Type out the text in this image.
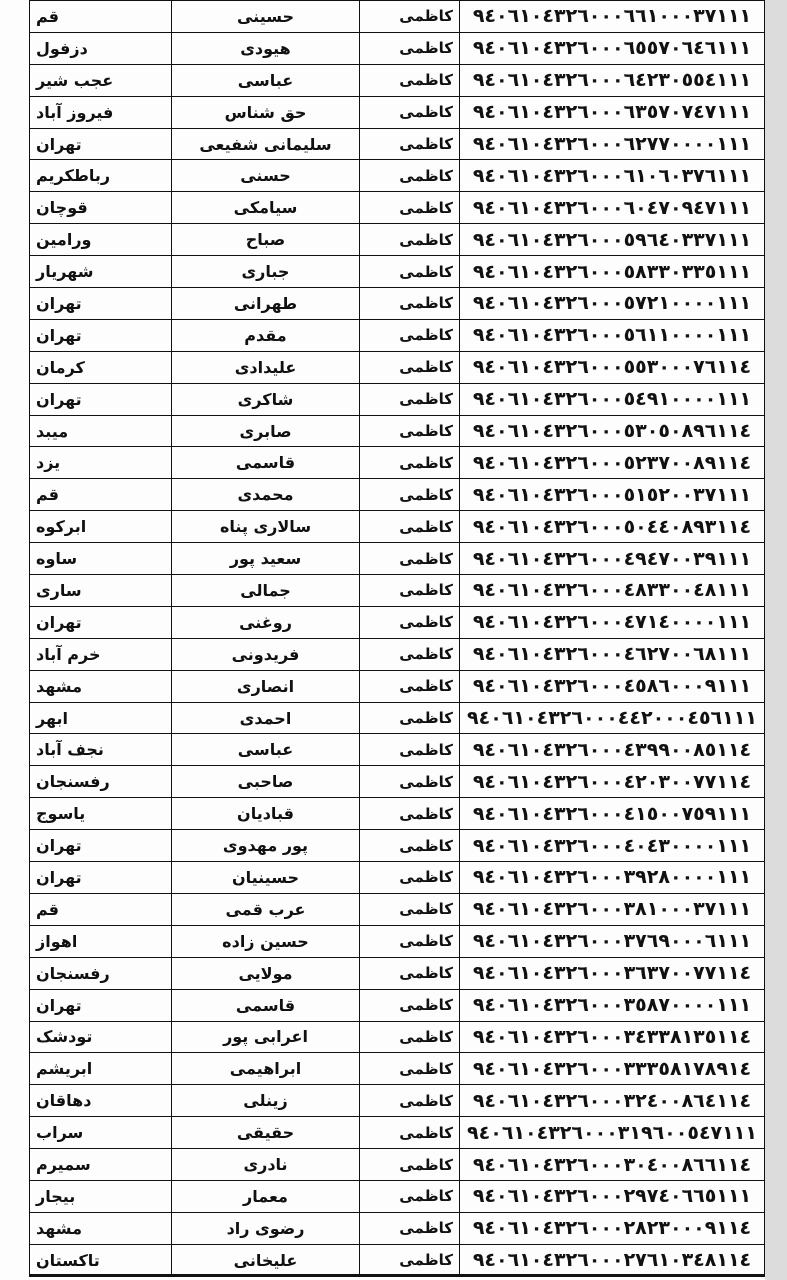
۹٤۰٦۱۰٤۳۲٦۰۰۰٦٦۱۰۰۰۳۷۱۱۱	کاظمی	حسینی	قم
۹٤۰٦۱۰٤۳۲٦۰۰۰٦٥٥۷۰٦٤٦۱۱۱	کاظمی	هیودی	دزفول
۹٤۰٦۱۰٤۳۲٦۰۰۰٦٤۲۳۰٥٥٤۱۱۱	کاظمی	عباسی	عجب شیر
۹٤۰٦۱۰٤۳۲٦۰۰۰٦۳٥۷۰۷٤۷۱۱۱	کاظمی	حق شناس	فیروز آباد
۹٤۰٦۱۰٤۳۲٦۰۰۰٦۲۷۷۰۰۰۰۱۱۱	کاظمی	سلیمانی شفیعی	تهران
۹٤۰٦۱۰٤۳۲٦۰۰۰٦۱۰٦۰۳۷٦۱۱۱	کاظمی	حسنی	رباطکریم
۹٤۰٦۱۰٤۳۲٦۰۰۰٦۰٤۷۰۹٤۷۱۱۱	کاظمی	سیامکی	قوچان
۹٤۰٦۱۰٤۳۲٦۰۰۰٥۹٦٤۰۳۳۷۱۱۱	کاظمی	صباح	ورامین
۹٤۰٦۱۰٤۳۲٦۰۰۰٥۸۳۳۰۳۳٥۱۱۱	کاظمی	جباری	شهریار
۹٤۰٦۱۰٤۳۲٦۰۰۰٥۷۲۱۰۰۰۰۱۱۱	کاظمی	طهرانی	تهران
۹٤۰٦۱۰٤۳۲٦۰۰۰٥٦۱۱۰۰۰۰۱۱۱	کاظمی	مقدم	تهران
۹٤۰٦۱۰٤۳۲٦۰۰۰٥٥۳۰۰۰۷٦۱۱٤	کاظمی	علیدادی	کرمان
۹٤۰٦۱۰٤۳۲٦۰۰۰٥٤۹۱۰۰۰۰۱۱۱	کاظمی	شاکری	تهران
۹٤۰٦۱۰٤۳۲٦۰۰۰٥۳۰٥۰۸۹٦۱۱٤	کاظمی	صابری	میبد
۹٤۰٦۱۰٤۳۲٦۰۰۰٥۲۳۷۰۰۸۹۱۱٤	کاظمی	قاسمی	یزد
۹٤۰٦۱۰٤۳۲٦۰۰۰٥۱٥۲۰۰۳۷۱۱۱	کاظمی	محمدی	قم
۹٤۰٦۱۰٤۳۲٦۰۰۰٥۰٤٤۰۸۹۳۱۱٤	کاظمی	سالاری پناه	ابرکوه
۹٤۰٦۱۰٤۳۲٦۰۰۰٤۹٤۷۰۰۳۹۱۱۱	کاظمی	سعید پور	ساوه
۹٤۰٦۱۰٤۳۲٦۰۰۰٤۸۳۳۰۰٤۸۱۱۱	کاظمی	جمالی	ساری
۹٤۰٦۱۰٤۳۲٦۰۰۰٤۷۱٤۰۰۰۰۱۱۱	کاظمی	روغنی	تهران
۹٤۰٦۱۰٤۳۲٦۰۰۰٤٦۲۷۰۰٦۸۱۱۱	کاظمی	فریدونی	خرم آباد
۹٤۰٦۱۰٤۳۲٦۰۰۰٤٥۸٦۰۰۰۹۱۱۱	کاظمی	انصاری	مشهد
۹٤۰٦۱۰٤۳۲٦۰۰۰٤٤۲۰۰۰٤٥٦۱۱۱	کاظمی	احمدی	ابهر
۹٤۰٦۱۰٤۳۲٦۰۰۰٤۳۹۹۰۰۸٥۱۱٤	کاظمی	عباسی	نجف آباد
۹٤۰٦۱۰٤۳۲٦۰۰۰٤۲۰۳۰۰۷۷۱۱٤	کاظمی	صاحبی	رفسنجان
۹٤۰٦۱۰٤۳۲٦۰۰۰٤۱٥۰۰۷٥۹۱۱۱	کاظمی	قبادیان	یاسوج
۹٤۰٦۱۰٤۳۲٦۰۰۰٤۰٤۳۰۰۰۰۱۱۱	کاظمی	پور مهدوی	تهران
۹٤۰٦۱۰٤۳۲٦۰۰۰۳۹۲۸۰۰۰۰۱۱۱	کاظمی	حسینیان	تهران
۹٤۰٦۱۰٤۳۲٦۰۰۰۳۸۱۰۰۰۳۷۱۱۱	کاظمی	عرب قمی	قم
۹٤۰٦۱۰٤۳۲٦۰۰۰۳۷٦۹۰۰۰٦۱۱۱	کاظمی	حسین زاده	اهواز
۹٤۰٦۱۰٤۳۲٦۰۰۰۳٦۳۷۰۰۷۷۱۱٤	کاظمی	مولایی	رفسنجان
۹٤۰٦۱۰٤۳۲٦۰۰۰۳٥۸۷۰۰۰۰۱۱۱	کاظمی	قاسمی	تهران
۹٤۰٦۱۰٤۳۲٦۰۰۰۳٤۳۳۸۱۳٥۱۱٤	کاظمی	اعرابی پور	تودشک
۹٤۰٦۱۰٤۳۲٦۰۰۰۳۳۳٥۸۱۷۸۹۱٤	کاظمی	ابراهیمی	ابریشم
۹٤۰٦۱۰٤۳۲٦۰۰۰۳۲٤۰۰۸٦٤۱۱٤	کاظمی	زینلی	دهاقان
۹٤۰٦۱۰٤۳۲٦۰۰۰۳۱۹٦۰۰٥٤۷۱۱۱	کاظمی	حقیقی	سراب
۹٤۰٦۱۰٤۳۲٦۰۰۰۳۰٤۰۰۸٦٦۱۱٤	کاظمی	نادری	سمیرم
۹٤۰٦۱۰٤۳۲٦۰۰۰۲۹۷٤۰٦٦٥۱۱۱	کاظمی	معمار	بیجار
۹٤۰٦۱۰٤۳۲٦۰۰۰۲۸۲۳۰۰۰۹۱۱٤	کاظمی	رضوی راد	مشهد
۹٤۰٦۱۰٤۳۲٦۰۰۰۲۷٦۱۰۳٤۸۱۱٤	کاظمی	علیخانی	تاکستان
